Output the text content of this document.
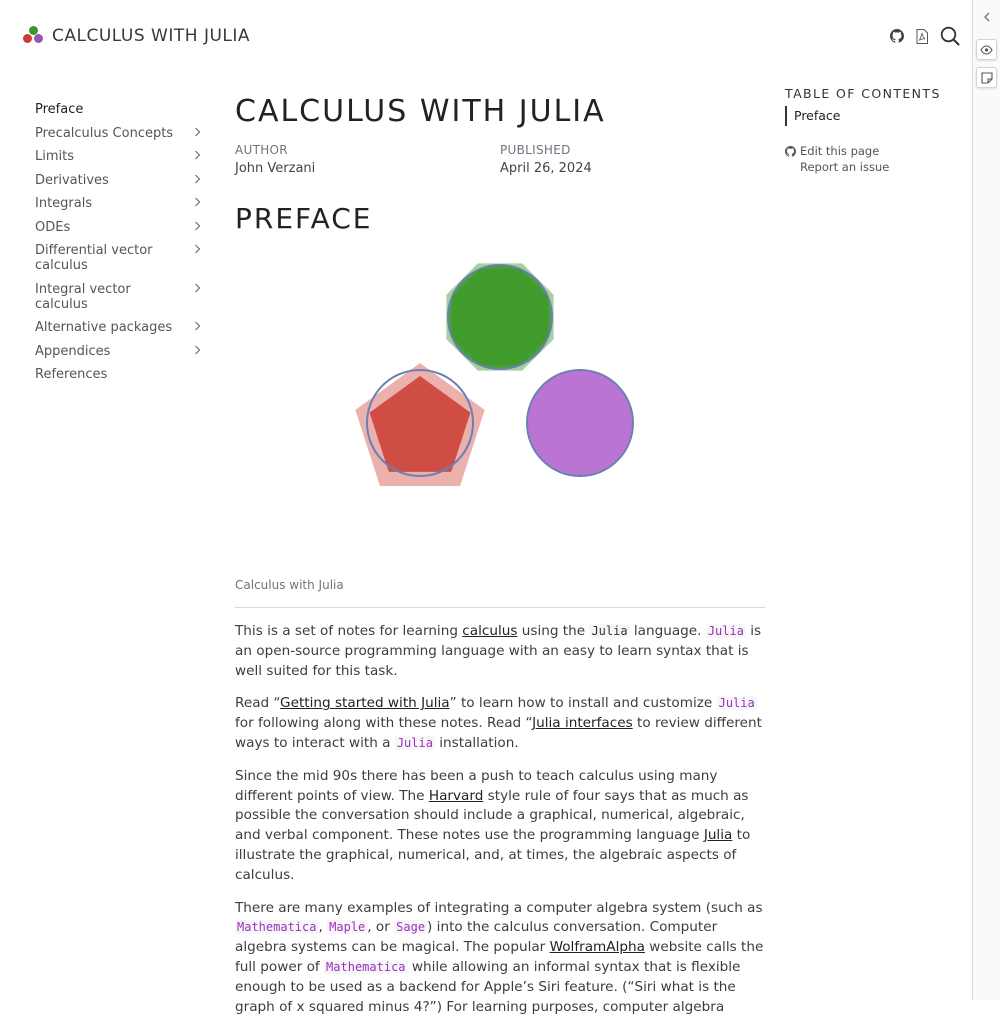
CALCULUS WITH JULIA
Preface
Precalculus Concepts
Limits
Derivatives
Integrals
ODEs
Differential vector calculus
Integral vector calculus
Alternative packages
Appendices
References
CALCULUS WITH JULIA
AUTHOR
John Verzani
PUBLISHED
April 26, 2024
PREFACE
Calculus with Julia

This is a set of notes for learning calculus using the Julia language. Julia is an open-source programming language with an easy to learn syntax that is well suited for this task.

Read “Getting started with Julia” to learn how to install and customize Julia for following along with these notes. Read “Julia interfaces to review different ways to interact with a Julia installation.

Since the mid 90s there has been a push to teach calculus using many different points of view. The Harvard style rule of four says that as much as possible the conversation should include a graphical, numerical, algebraic, and verbal component. These notes use the programming language Julia to illustrate the graphical, numerical, and, at times, the algebraic aspects of calculus.

There are many examples of integrating a computer algebra system (such as Mathematica , Maple , or Sage ) into the calculus conversation. Computer algebra systems can be magical. The popular WolframAlpha website calls the full power of Mathematica while allowing an informal syntax that is flexible enough to be used as a backend for Apple’s Siri feature. (“Siri what is the graph of x squared minus 4?”) For learning purposes, computer algebra

TABLE OF CONTENTS
Preface
Edit this page
Report an issue
